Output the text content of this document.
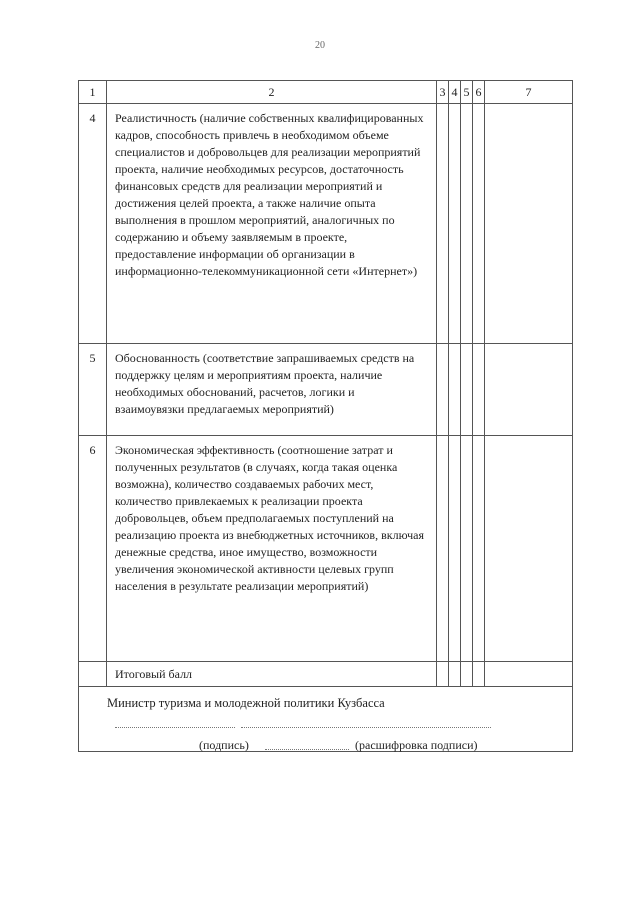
20
1	2	3	4	5	6	7
4	Реалистичность (наличие собственных квалифицированных кадров, способность привлечь в необходимом объеме специалистов и добровольцев для реализации мероприятий проекта, наличие необходимых ресурсов, достаточность финансовых средств для реализации мероприятий и достижения целей проекта, а также наличие опыта выполнения в прошлом мероприятий, аналогичных по содержанию и объему заявляемым в проекте, предоставление информации об организации в информационно-телекоммуникационной сети «Интернет»)					
5	Обоснованность (соответствие запрашиваемых средств на поддержку целям и мероприятиям проекта, наличие необходимых обоснований, расчетов, логики и взаимоувязки предлагаемых мероприятий)					
6	Экономическая эффективность (соотношение затрат и полученных результатов (в случаях, когда такая оценка возможна), количество создаваемых рабочих мест, количество привлекаемых к реализации проекта добровольцев, объем предполагаемых поступлений на реализацию проекта из внебюджетных источников, включая денежные средства, иное имущество, возможности увеличения экономической активности целевых групп населения в результате реализации мероприятий)					
	Итоговый балл					

Министр туризма и молодежной политики Кузбасса
(подпись) (расшифровка подписи)						
